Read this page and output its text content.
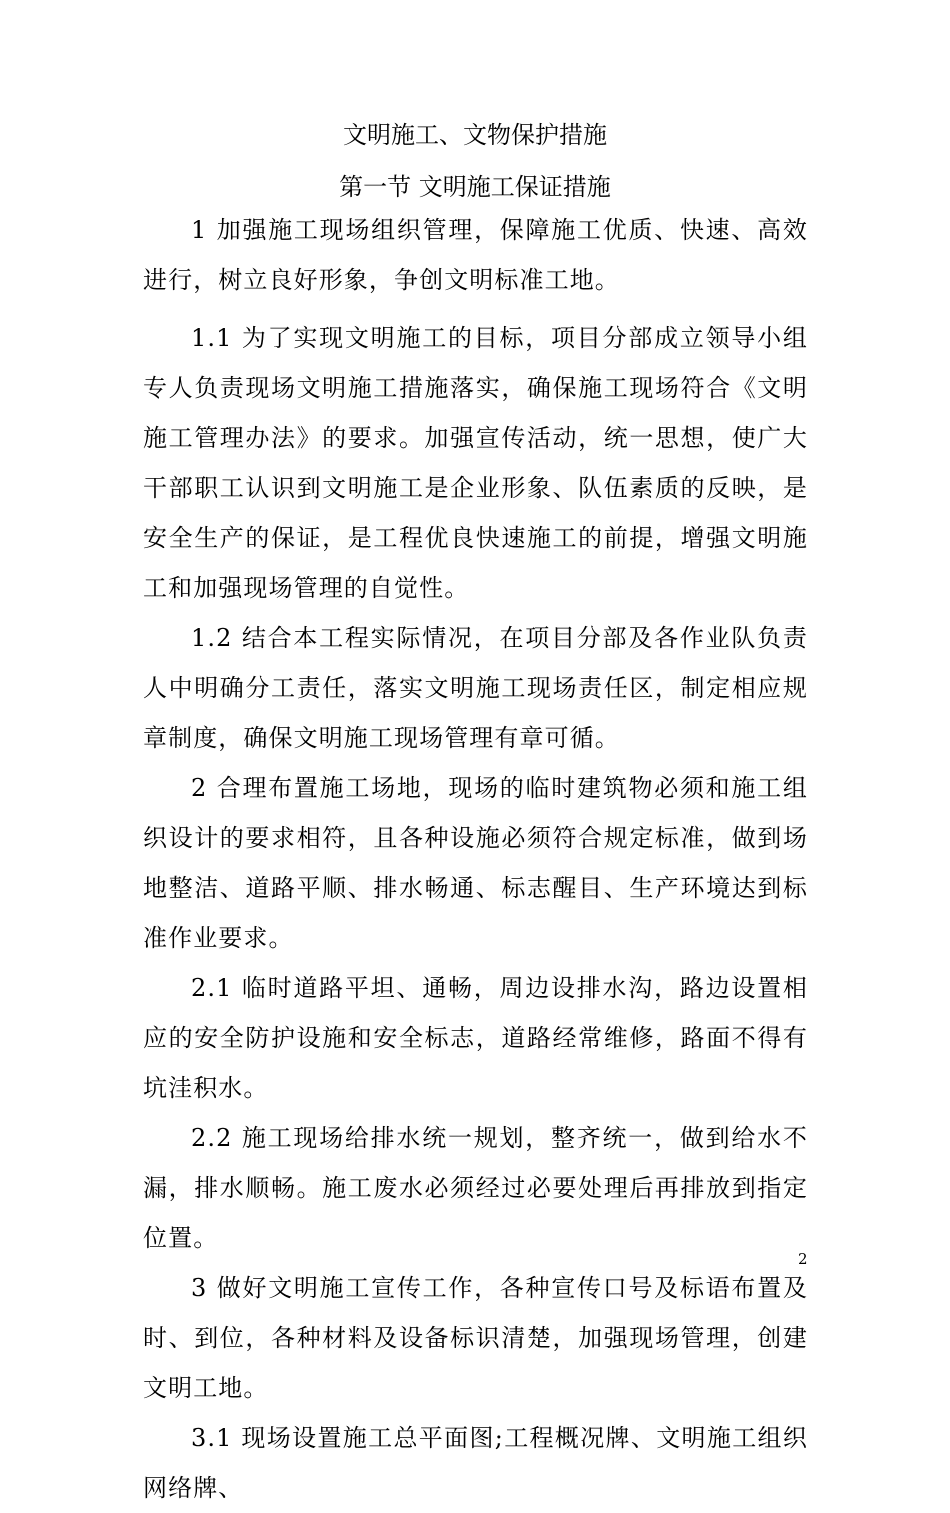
文明施工、文物保护措施
第一节 文明施工保证措施

1 加强施工现场组织管理，保障施工优质、快速、高效进行，树立良好形象，争创文明标准工地。

1.1 为了实现文明施工的目标，项目分部成立领导小组专人负责现场文明施工措施落实，确保施工现场符合《文明施工管理办法》的要求。加强宣传活动，统一思想，使广大干部职工认识到文明施工是企业形象、队伍素质的反映，是安全生产的保证，是工程优良快速施工的前提，增强文明施工和加强现场管理的自觉性。

1.2 结合本工程实际情况，在项目分部及各作业队负责人中明确分工责任，落实文明施工现场责任区，制定相应规章制度，确保文明施工现场管理有章可循。

2 合理布置施工场地，现场的临时建筑物必须和施工组织设计的要求相符，且各种设施必须符合规定标准，做到场地整洁、道路平顺、排水畅通、标志醒目、生产环境达到标准作业要求。

2.1 临时道路平坦、通畅，周边设排水沟，路边设置相应的安全防护设施和安全标志，道路经常维修，路面不得有坑洼积水。

2.2 施工现场给排水统一规划，整齐统一，做到给水不漏，排水顺畅。施工废水必须经过必要处理后再排放到指定位置。

3 做好文明施工宣传工作，各种宣传口号及标语布置及时、到位，各种材料及设备标识清楚，加强现场管理，创建文明工地。

3.1 现场设置施工总平面图;工程概况牌、文明施工组织网络牌、

2
